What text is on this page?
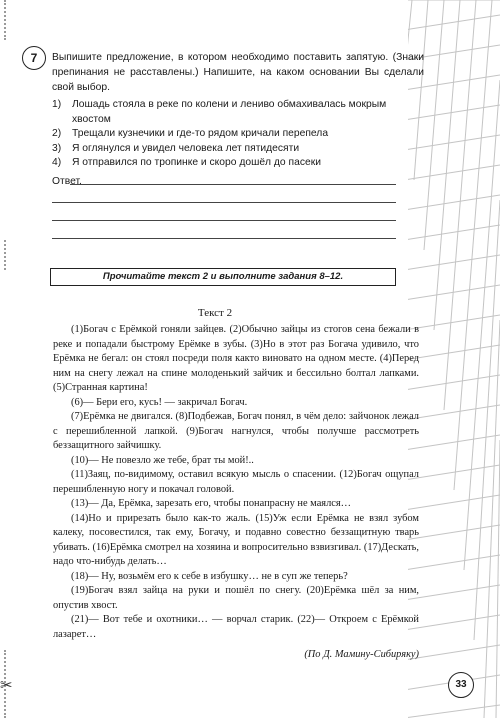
✂
7	Выпишите предложение, в котором необходимо поставить запятую. (Знаки препинания не расставлены.) Напишите, на каком основании Вы сделали свой выбор.
1)	Лошадь стояла в реке по колени и лениво обмахивалась мокрым хвостом
2)	Трещали кузнечики и где-то рядом кричали перепела
3)	Я оглянулся и увидел человека лет пятидесяти
4)	Я отправился по тропинке и скоро дошёл до пасеки
Ответ.
Прочитайте текст 2 и выполните задания 8–12.
Текст 2

(1)Богач с Ерёмкой гоняли зайцев. (2)Обычно зайцы из стогов сена бежали в реке и попадали быстрому Ерёмке в зубы. (3)Но в этот раз Богача удивило, что Ерёмка не бегал: он стоял посреди поля както виновато на одном месте. (4)Перед ним на снегу лежал на спине молоденький зайчик и бессильно болтал лапками. (5)Странная картина!

(6)— Бери его, кусь! — закричал Богач.

(7)Ерёмка не двигался. (8)Подбежав, Богач понял, в чём дело: зайчонок лежал с перешибленной лапкой. (9)Богач нагнулся, чтобы получше рассмотреть беззащитного зайчишку.

(10)— Не повезло же тебе, брат ты мой!..

(11)Заяц, по-видимому, оставил всякую мысль о спасении. (12)Богач ощупал перешибленную ногу и покачал головой.

(13)— Да, Ерёмка, зарезать его, чтобы понапрасну не маялся…

(14)Но и прирезать было как-то жаль. (15)Уж если Ерёмка не взял зубом калеку, посовестился, так ему, Богачу, и подавно совестно беззащитную тварь убивать. (16)Ерёмка смотрел на хозяина и вопросительно взвизгивал. (17)Дескать, надо что-нибудь делать…

(18)— Ну, возьмём его к себе в избушку… не в суп же теперь?

(19)Богач взял зайца на руки и пошёл по снегу. (20)Ерёмка шёл за ним, опустив хвост.

(21)— Вот тебе и охотники… — ворчал старик. (22)— Откроем с Ерёмкой лазарет…

(По Д. Мамину-Сибиряку)

33
